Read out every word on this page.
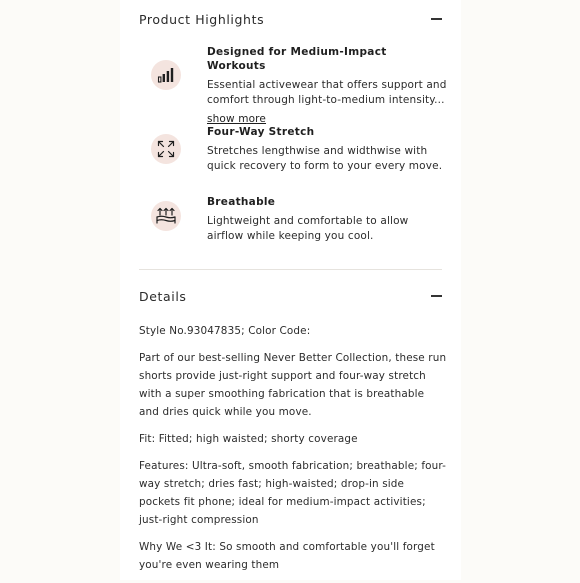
Product Highlights
Designed for Medium-Impact Workouts
Essential activewear that offers support and comfort through light-to-medium intensity...
show more
Four-Way Stretch
Stretches lengthwise and widthwise with quick recovery to form to your every move.
Breathable
Lightweight and comfortable to allow airflow while keeping you cool.
Details

Style No.93047835; Color Code:

Part of our best-selling Never Better Collection, these run shorts provide just-right support and four-way stretch with a super smoothing fabrication that is breathable and dries quick while you move.

Fit: Fitted; high waisted; shorty coverage

Features: Ultra-soft, smooth fabrication; breathable; four-way stretch; dries fast; high-waisted; drop-in side pockets fit phone; ideal for medium-impact activities; just-right compression

Why We <3 It: So smooth and comfortable you'll forget you're even wearing them
